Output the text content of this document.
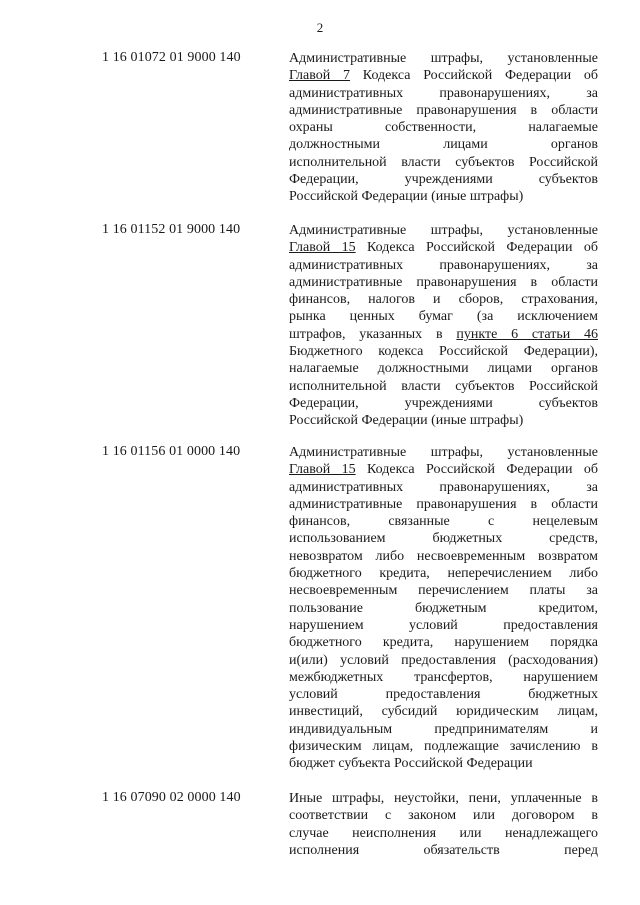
2
1 16 01072 01 9000 140	Административные штрафы, установленные
Главой 7 Кодекса Российской Федерации об
административных правонарушениях, за
административные правонарушения в области
охраны собственности, налагаемые
должностными лицами органов
исполнительной власти субъектов Российской
Федерации, учреждениями субъектов
Российской Федерации (иные штрафы)
1 16 01152 01 9000 140	Административные штрафы, установленные
Главой 15 Кодекса Российской Федерации об
административных правонарушениях, за
административные правонарушения в области
финансов, налогов и сборов, страхования,
рынка ценных бумаг (за исключением
штрафов, указанных в пункте 6 статьи 46
Бюджетного кодекса Российской Федерации),
налагаемые должностными лицами органов
исполнительной власти субъектов Российской
Федерации, учреждениями субъектов
Российской Федерации (иные штрафы)
1 16 01156 01 0000 140	Административные штрафы, установленные
Главой 15 Кодекса Российской Федерации об
административных правонарушениях, за
административные правонарушения в области
финансов, связанные с нецелевым
использованием бюджетных средств,
невозвратом либо несвоевременным возвратом
бюджетного кредита, неперечислением либо
несвоевременным перечислением платы за
пользование бюджетным кредитом,
нарушением условий предоставления
бюджетного кредита, нарушением порядка
и(или) условий предоставления (расходования)
межбюджетных трансфертов, нарушением
условий предоставления бюджетных
инвестиций, субсидий юридическим лицам,
индивидуальным предпринимателям и
физическим лицам, подлежащие зачислению в
бюджет субъекта Российской Федерации
1 16 07090 02 0000 140	Иные штрафы, неустойки, пени, уплаченные в
соответствии с законом или договором в
случае неисполнения или ненадлежащего
исполнения обязательств перед
